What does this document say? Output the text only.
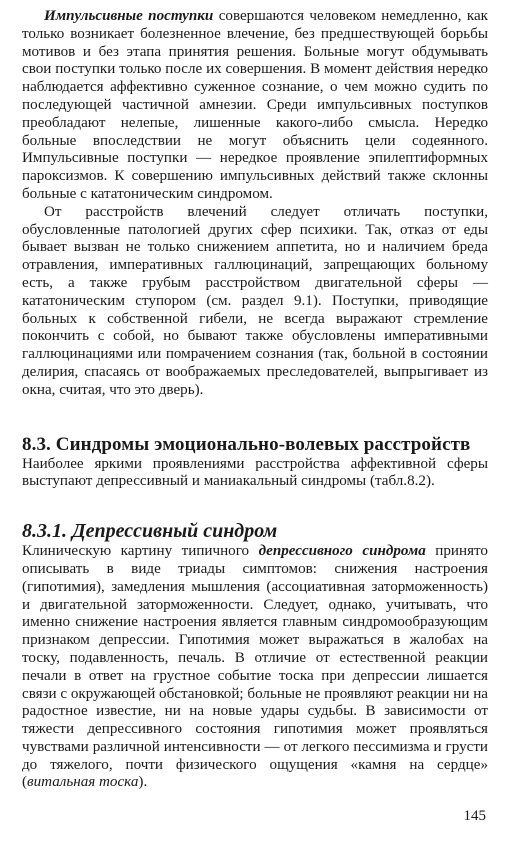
Импульсивные поступки совершаются человеком немедленно, как только возникает болезненное влечение, без предшествующей борьбы мотивов и без этапа принятия решения. Больные могут обдумывать свои поступки только после их совершения. В момент действия нередко наблюдается аффективно суженное сознание, о чем можно судить по последующей частичной амнезии. Среди импульсивных поступков преобладают нелепые, лишенные какого-либо смысла. Нередко больные впоследствии не могут объяснить цели содеянного. Импульсивные поступки — нередкое проявление эпилептиформных пароксизмов. К совершению импульсивных действий также склонны больные с кататоническим синдромом.

От расстройств влечений следует отличать поступки, обусловленные патологией других сфер психики. Так, отказ от еды бывает вызван не только снижением аппетита, но и наличием бреда отравления, императивных галлюцинаций, запрещающих больному есть, а также грубым расстройством двигательной сферы — кататоническим ступором (см. раздел 9.1). Поступки, приводящие больных к собственной гибели, не всегда выражают стремление покончить с собой, но бывают также обусловлены императивными галлюцинациями или помрачением сознания (так, больной в состоянии делирия, спасаясь от воображаемых преследователей, выпрыгивает из окна, считая, что это дверь).

8.3. Синдромы эмоционально-волевых расстройств

Наиболее яркими проявлениями расстройства аффективной сферы выступают депрессивный и маниакальный синдромы (табл.8.2).

8.3.1. Депрессивный синдром

Клиническую картину типичного депрессивного синдрома принято описывать в виде триады симптомов: снижения настроения (гипотимия), замедления мышления (ассоциативная заторможенность) и двигательной заторможенности. Следует, однако, учитывать, что именно снижение настроения является главным синдромообразующим признаком депрессии. Гипотимия может выражаться в жалобах на тоску, подавленность, печаль. В отличие от естественной реакции печали в ответ на грустное событие тоска при депрессии лишается связи с окружающей обстановкой; больные не проявляют реакции ни на радостное известие, ни на новые удары судьбы. В зависимости от тяжести депрессивного состояния гипотимия может проявляться чувствами различной интенсивности — от легкого пессимизма и грусти до тяжелого, почти физического ощущения «камня на сердце» (витальная тоска).

145
